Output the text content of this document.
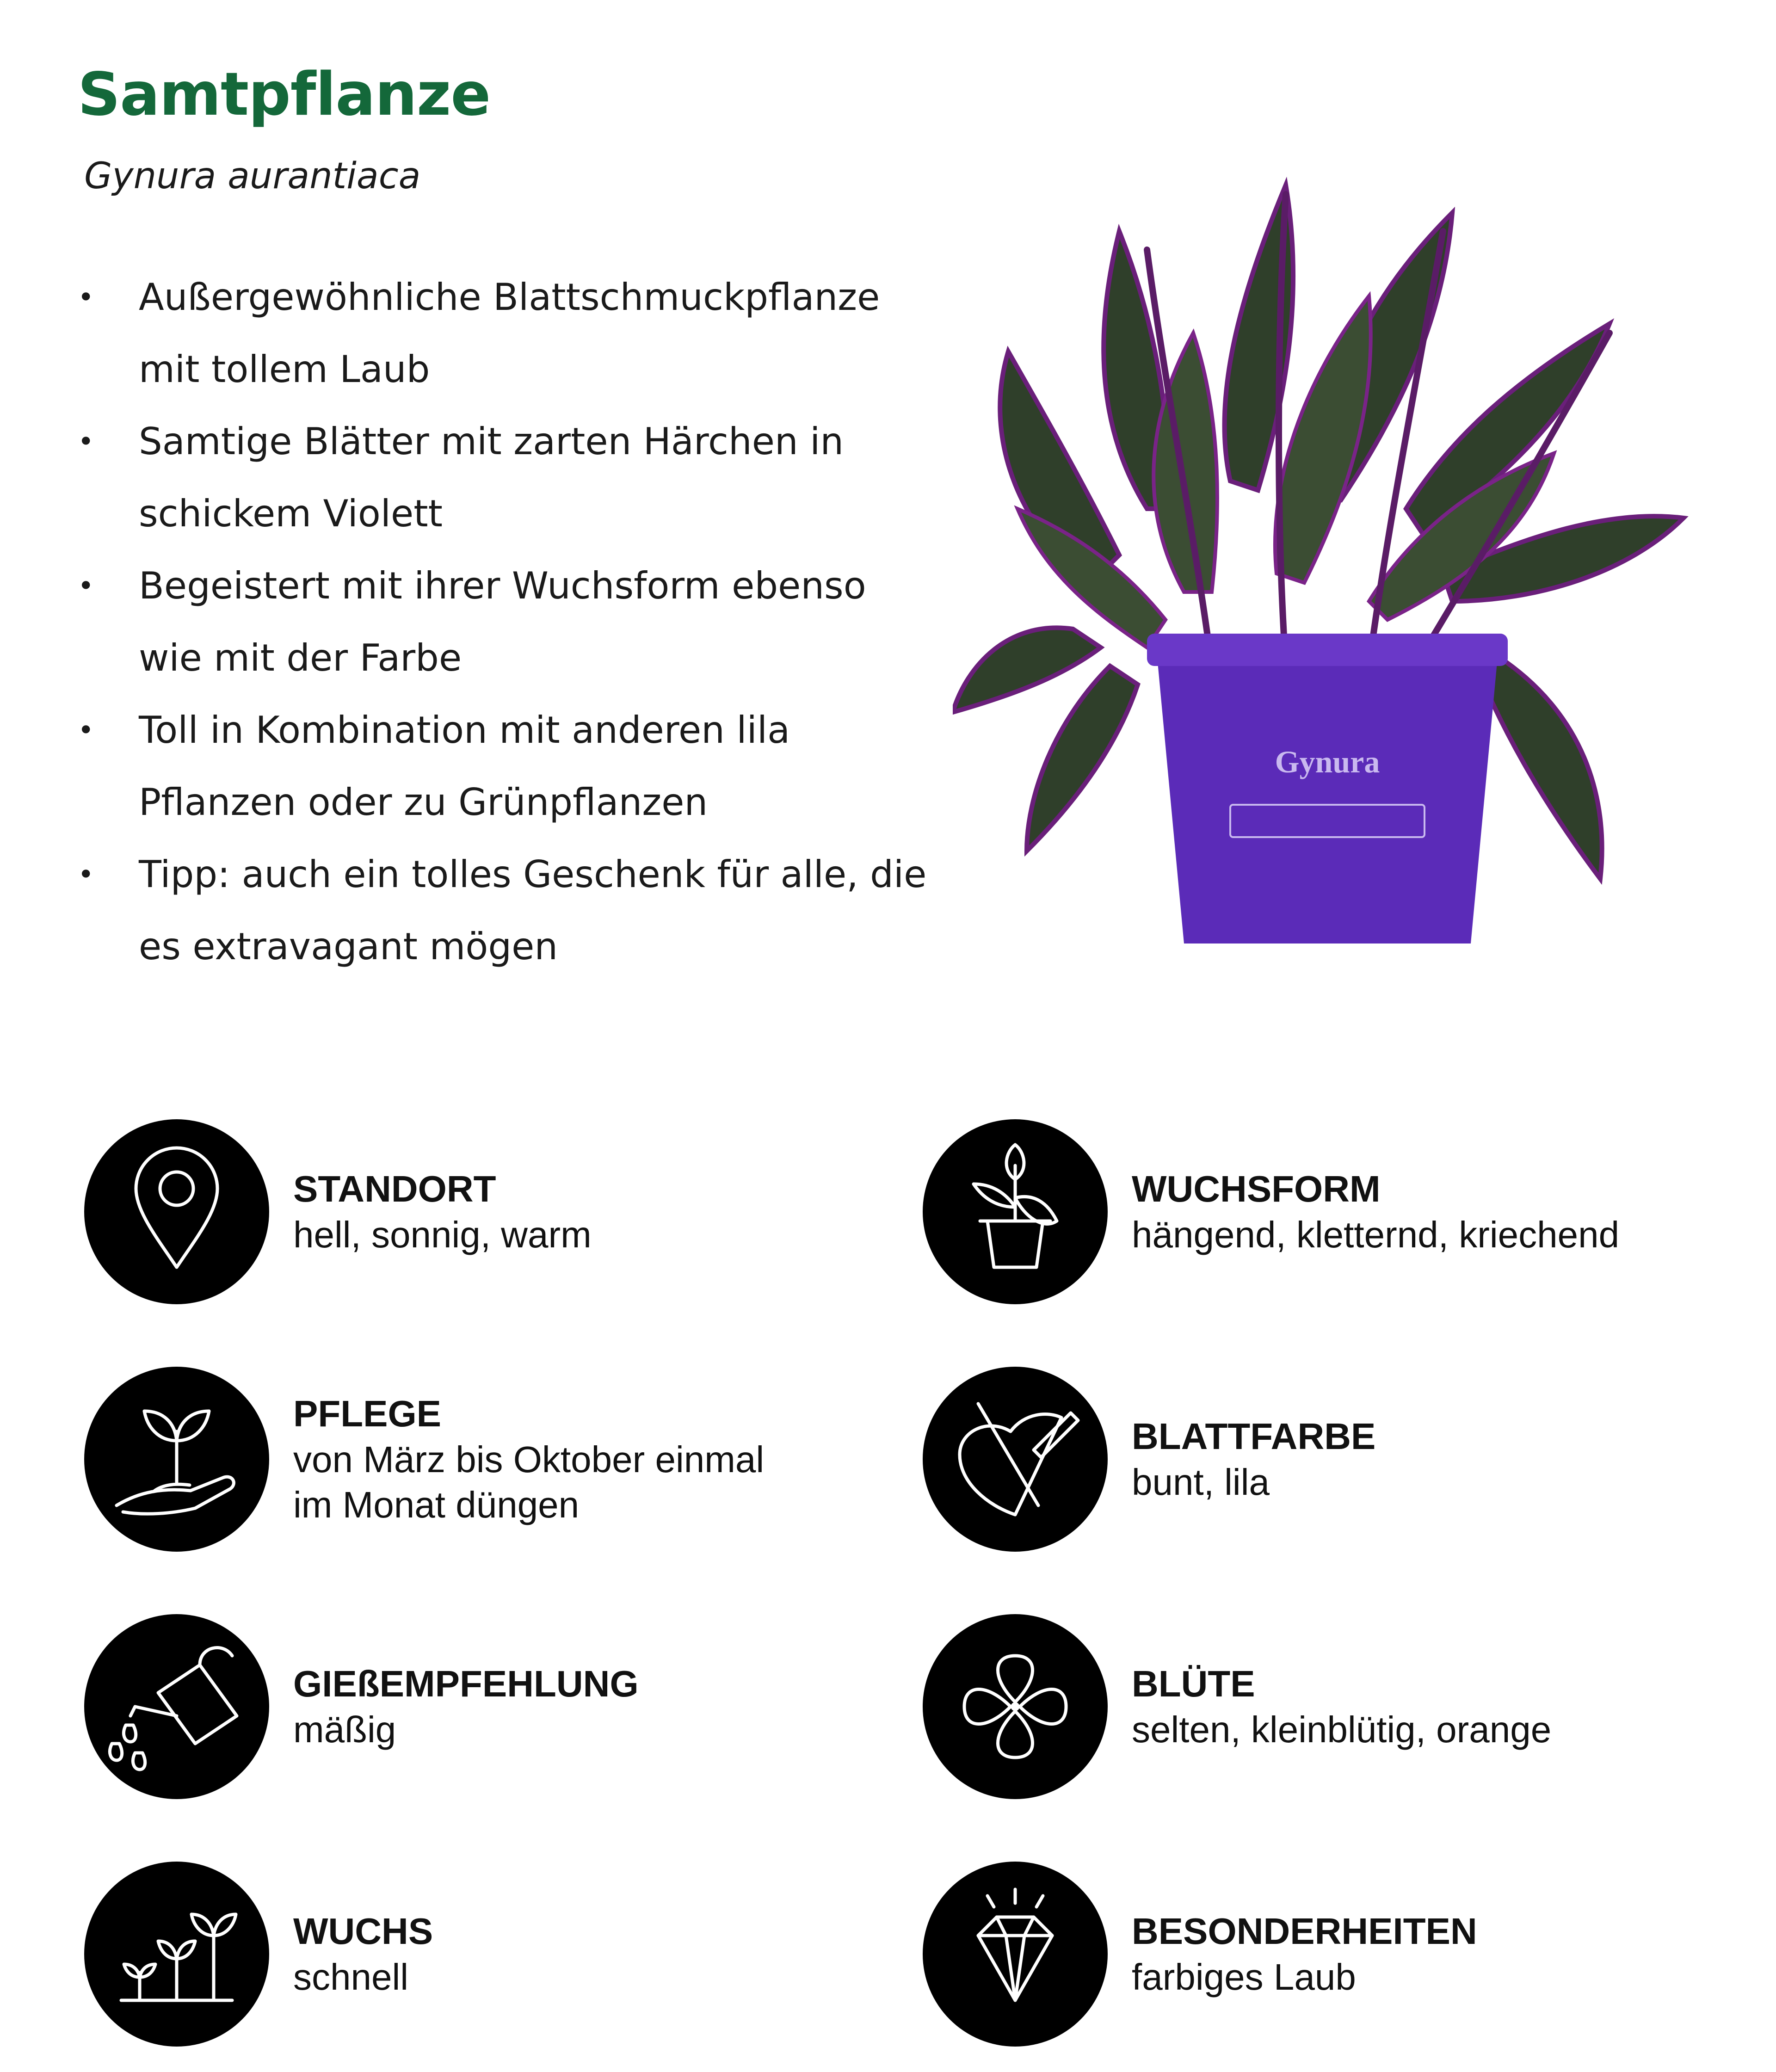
Samtpflanze
Gynura aurantiaca
• Außergewöhnliche Blattschmuckpflanze
mit tollem Laub
• Samtige Blätter mit zarten Härchen in
schickem Violett
• Begeistert mit ihrer Wuchsform ebenso
wie mit der Farbe
• Toll in Kombination mit anderen lila
Pflanzen oder zu Grünpflanzen
• Tipp: auch ein tolles Geschenk für alle, die
es extravagant mögen
Gynura
STANDORT
hell, sonnig, warm
WUCHSFORM
hängend, kletternd, kriechend
PFLEGE
von März bis Oktober einmal
im Monat düngen
BLATTFARBE
bunt, lila
GIEßEMPFEHLUNG
mäßig
BLÜTE
selten, kleinblütig, orange
WUCHS
schnell
BESONDERHEITEN
farbiges Laub
